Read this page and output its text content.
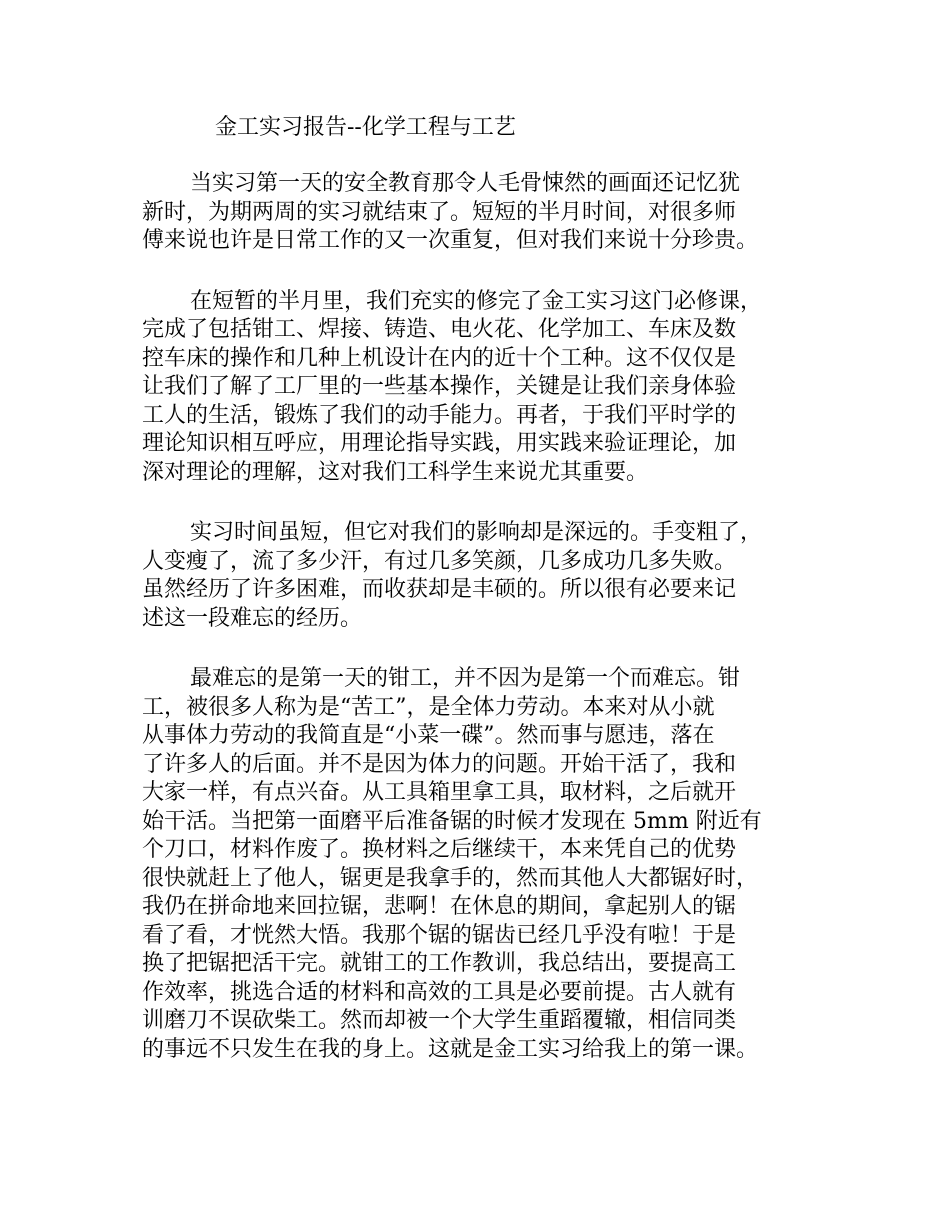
金工实习报告--化学工程与工艺
当实习第一天的安全教育那令人毛骨悚然的画面还记忆犹
新时，为期两周的实习就结束了。短短的半月时间，对很多师
傅来说也许是日常工作的又一次重复，但对我们来说十分珍贵。
在短暂的半月里，我们充实的修完了金工实习这门必修课，
完成了包括钳工、焊接、铸造、电火花、化学加工、车床及数
控车床的操作和几种上机设计在内的近十个工种。这不仅仅是
让我们了解了工厂里的一些基本操作，关键是让我们亲身体验
工人的生活，锻炼了我们的动手能力。再者，于我们平时学的
理论知识相互呼应，用理论指导实践，用实践来验证理论，加
深对理论的理解，这对我们工科学生来说尤其重要。
实习时间虽短，但它对我们的影响却是深远的。手变粗了，
人变瘦了，流了多少汗，有过几多笑颜，几多成功几多失败。
虽然经历了许多困难，而收获却是丰硕的。所以很有必要来记
述这一段难忘的经历。
最难忘的是第一天的钳工，并不因为是第一个而难忘。钳
工，被很多人称为是“苦工”，是全体力劳动。本来对从小就
从事体力劳动的我简直是“小菜一碟”。然而事与愿违，落在
了许多人的后面。并不是因为体力的问题。开始干活了，我和
大家一样，有点兴奋。从工具箱里拿工具，取材料，之后就开
始干活。当把第一面磨平后准备锯的时候才发现在 5mm 附近有
个刀口，材料作废了。换材料之后继续干，本来凭自己的优势
很快就赶上了他人，锯更是我拿手的，然而其他人大都锯好时，
我仍在拼命地来回拉锯，悲啊！在休息的期间，拿起别人的锯
看了看，才恍然大悟。我那个锯的锯齿已经几乎没有啦！于是
换了把锯把活干完。就钳工的工作教训，我总结出，要提高工
作效率，挑选合适的材料和高效的工具是必要前提。古人就有
训磨刀不误砍柴工。然而却被一个大学生重蹈覆辙，相信同类
的事远不只发生在我的身上。这就是金工实习给我上的第一课。
